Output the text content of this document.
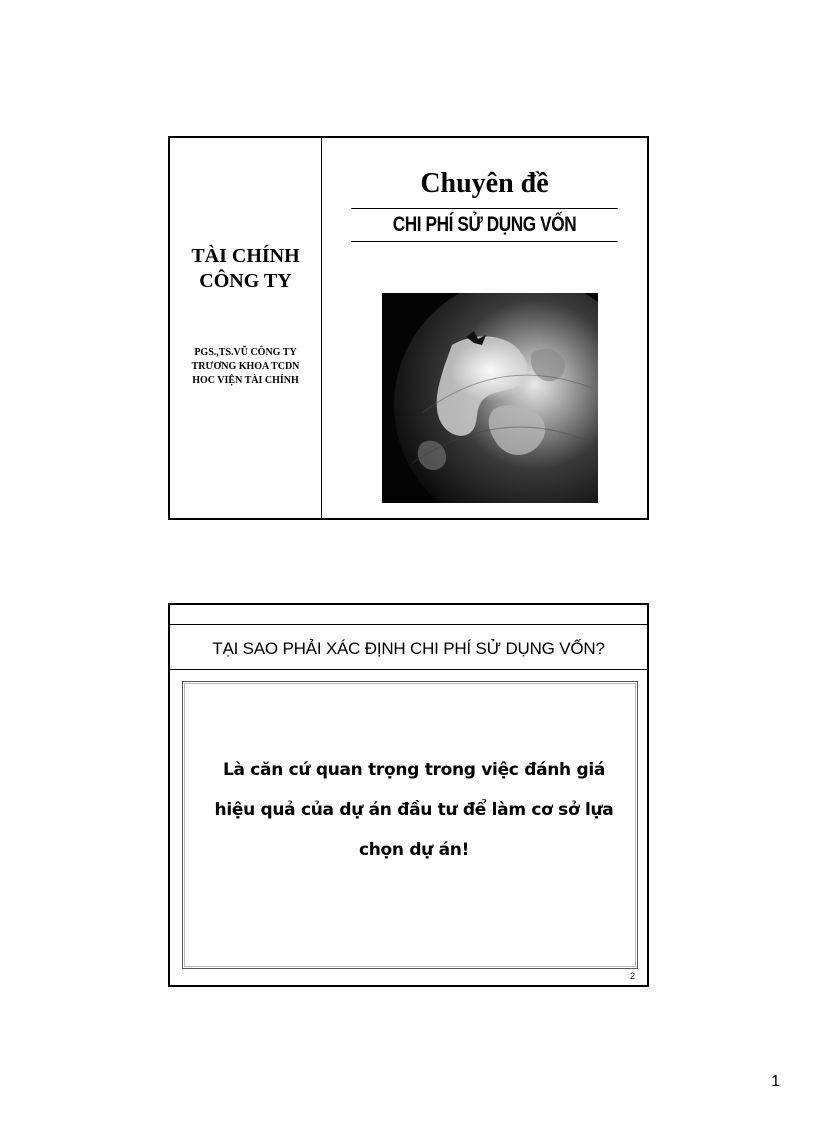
TÀI CHÍNH
CÔNG TY
PGS.,TS.VŨ CÔNG TY
TRƯƠNG KHOA TCDN
HOC VIỆN TÀI CHÍNH
Chuyên đề
CHI PHÍ SỬ DỤNG VỐN
TẠI SAO PHẢI XÁC ĐỊNH CHI PHÍ SỬ DỤNG VỐN?
Là căn cứ quan trọng trong việc đánh giá
hiệu quả của dự án đầu tư để làm cơ sở lựa
chọn dự án!
2
1
